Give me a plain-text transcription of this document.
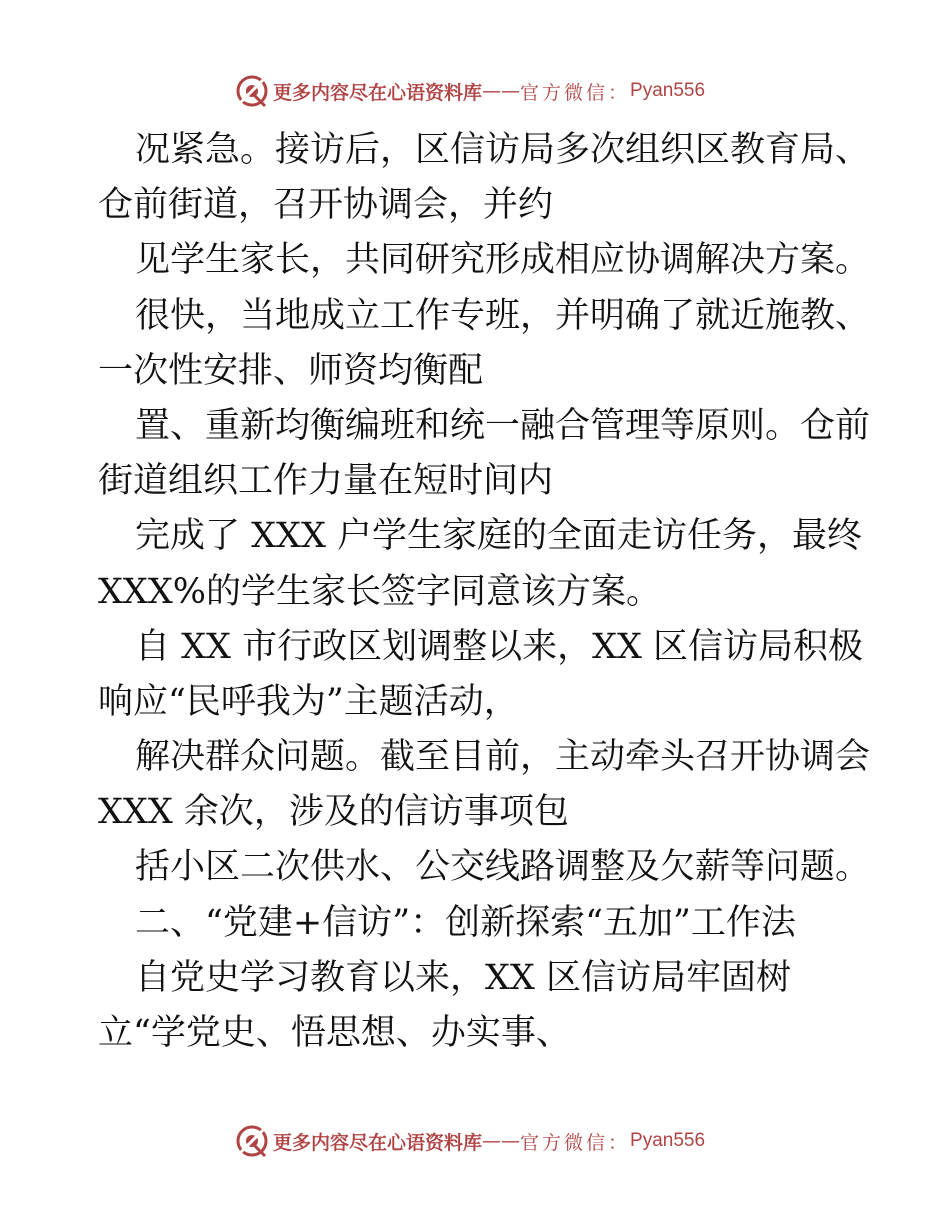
更多内容尽在心语资料库 —— 官方微信： Pyan556
况紧急。接访后，区信访局多次组织区教育局、
仓前街道，召开协调会，并约
见学生家长，共同研究形成相应协调解决方案。
很快，当地成立工作专班，并明确了就近施教、
一次性安排、师资均衡配
置、重新均衡编班和统一融合管理等原则。仓前
街道组织工作力量在短时间内
完成了 XXX 户学生家庭的全面走访任务，最终
XXX%的学生家长签字同意该方案。
自 XX 市行政区划调整以来，XX 区信访局积极
响应“民呼我为”主题活动，
解决群众问题。截至目前，主动牵头召开协调会
XXX 余次，涉及的信访事项包
括小区二次供水、公交线路调整及欠薪等问题。
二、“党建+信访”：创新探索“五加”工作法
自党史学习教育以来，XX 区信访局牢固树
立“学党史、悟思想、办实事、
更多内容尽在心语资料库 —— 官方微信： Pyan556
